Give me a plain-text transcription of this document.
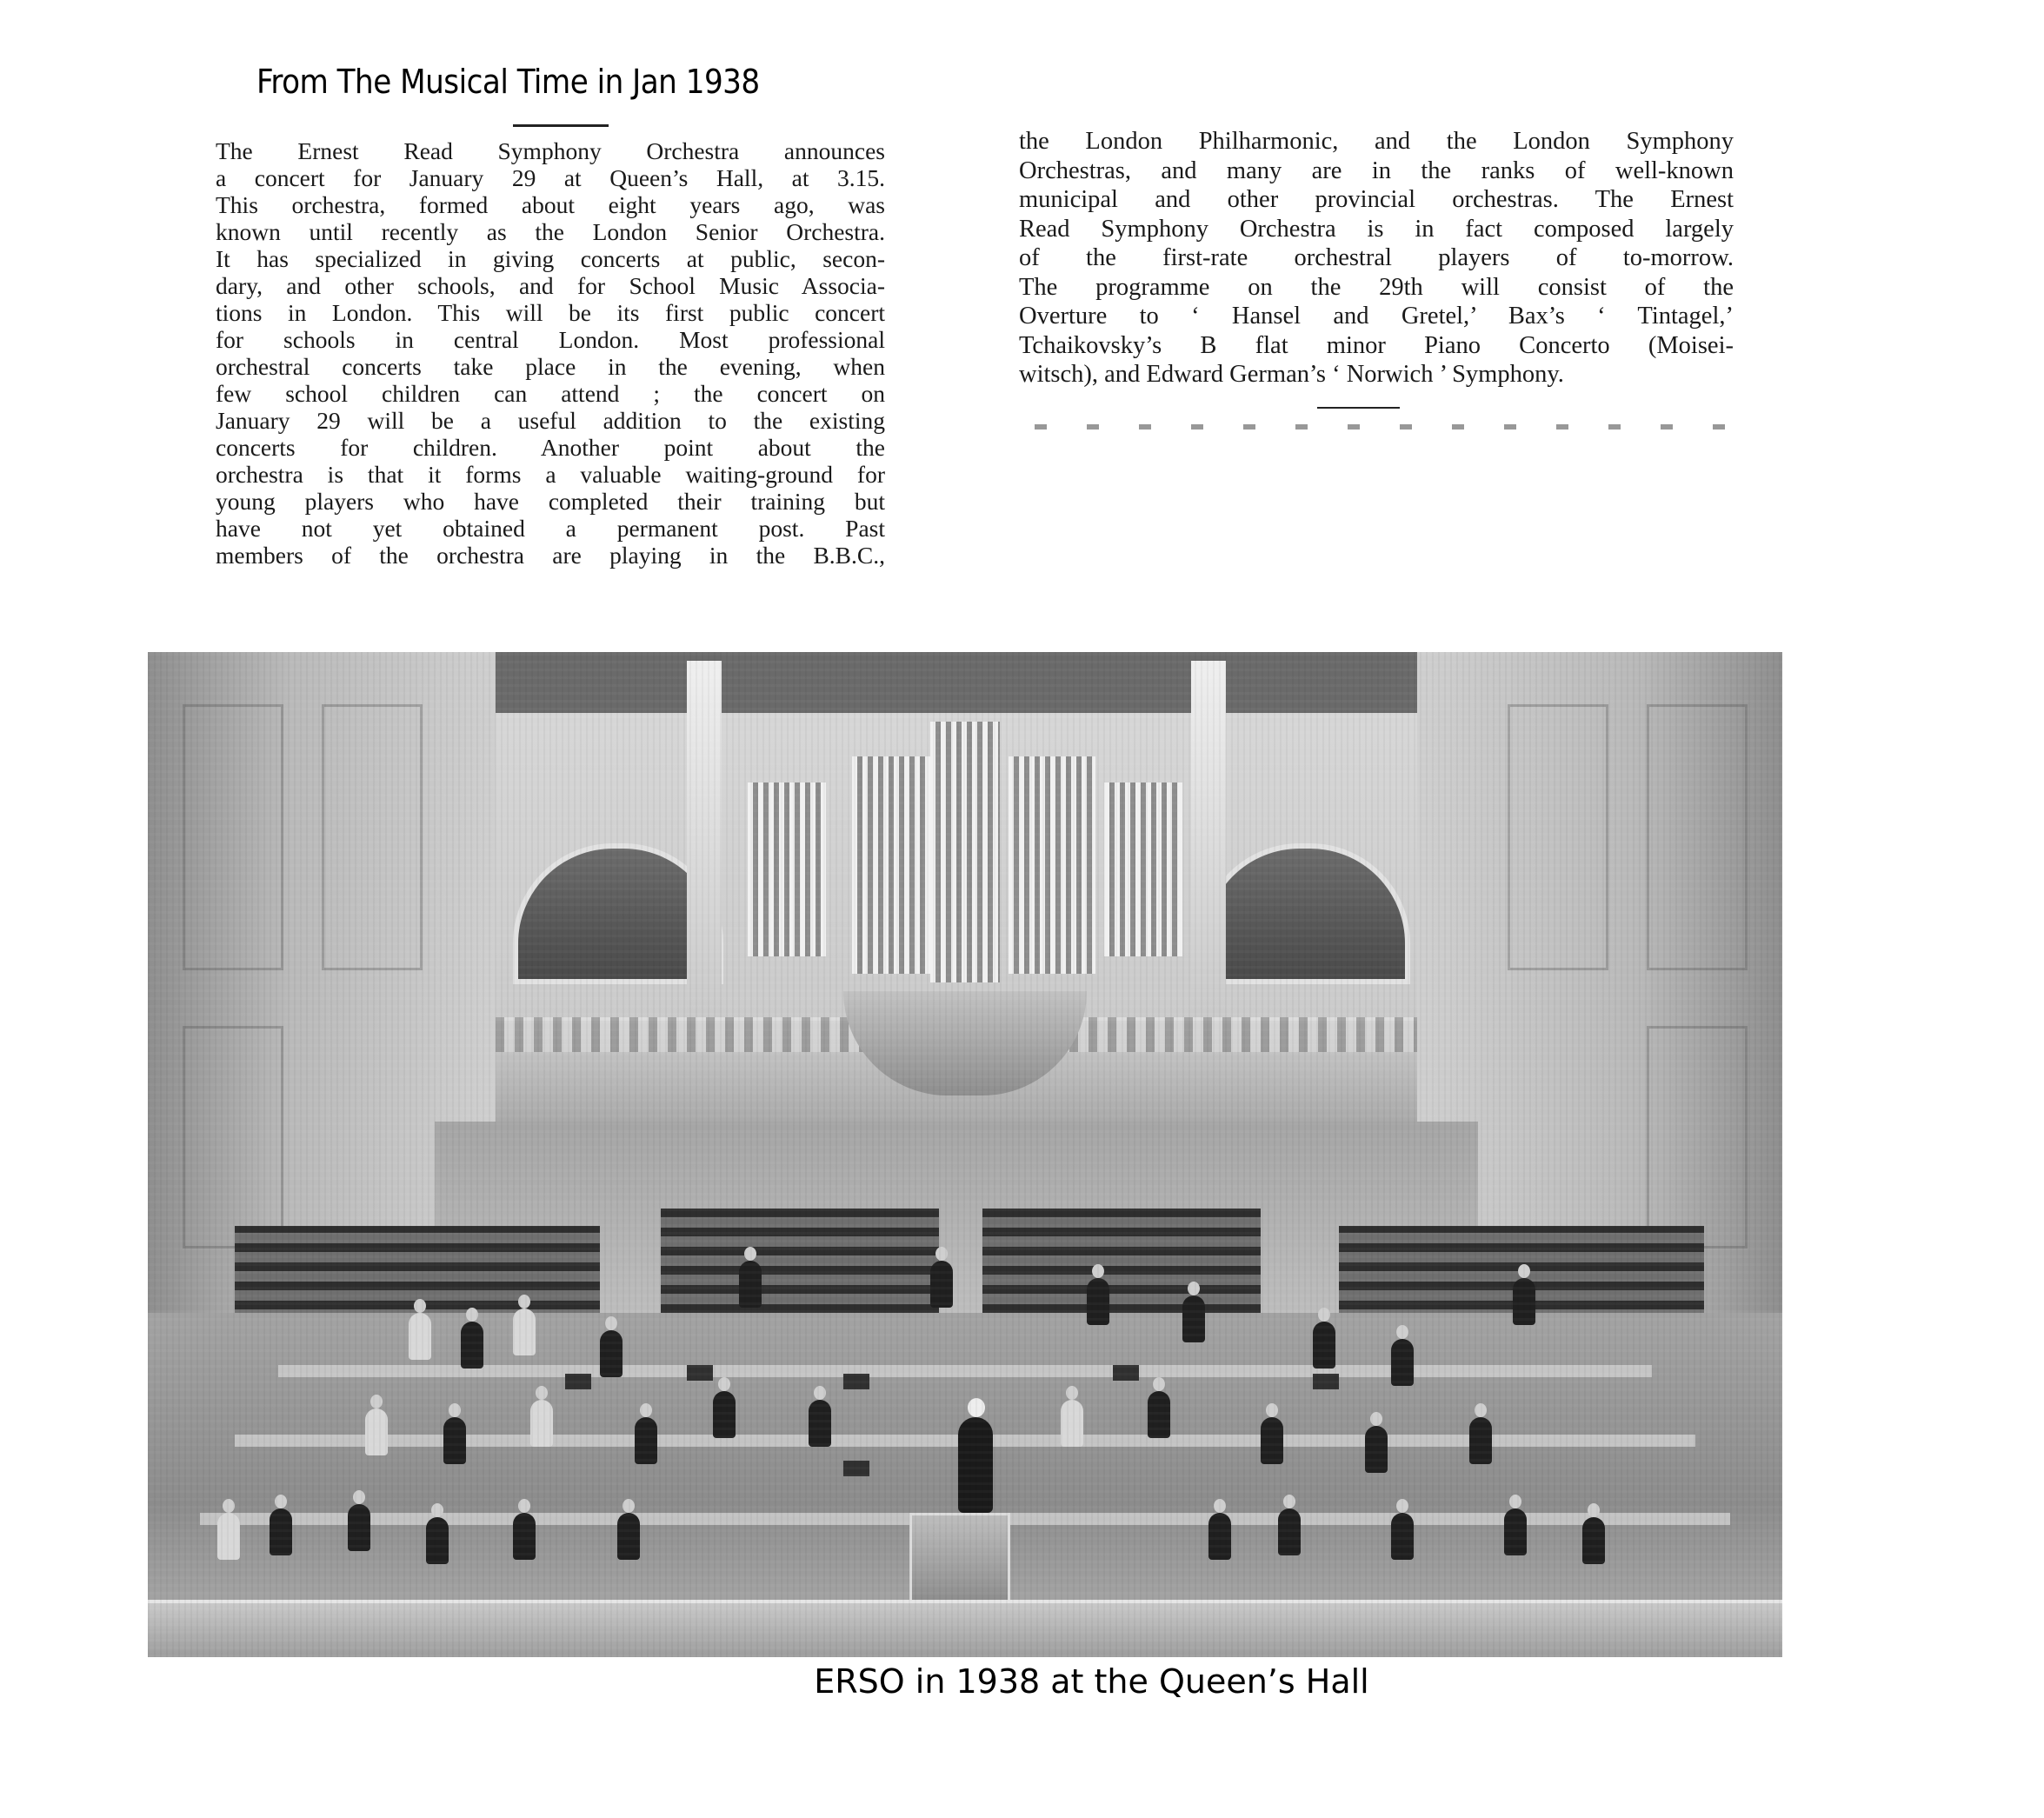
From The Musical Time in Jan 1938
The Ernest Read Symphony Orchestra announces
a concert for January 29 at Queen’s Hall, at 3.15.
This orchestra, formed about eight years ago, was
known until recently as the London Senior Orchestra.
It has specialized in giving concerts at public, secon-
dary, and other schools, and for School Music Associa-
tions in London. This will be its first public concert
for schools in central London. Most professional
orchestral concerts take place in the evening, when
few school children can attend ; the concert on
January 29 will be a useful addition to the existing
concerts for children. Another point about the
orchestra is that it forms a valuable waiting-ground for
young players who have completed their training but
have not yet obtained a permanent post. Past
members of the orchestra are playing in the B.B.C.,
the London Philharmonic, and the London Symphony
Orchestras, and many are in the ranks of well-known
municipal and other provincial orchestras. The Ernest
Read Symphony Orchestra is in fact composed largely
of the first-rate orchestral players of to-morrow.
The programme on the 29th will consist of the
Overture to ‘ Hansel and Gretel,’ Bax’s ‘ Tintagel,’
Tchaikovsky’s B flat minor Piano Concerto (Moisei-
witsch), and Edward German’s ‘ Norwich ’ Symphony.
ERSO in 1938 at the Queen’s Hall
